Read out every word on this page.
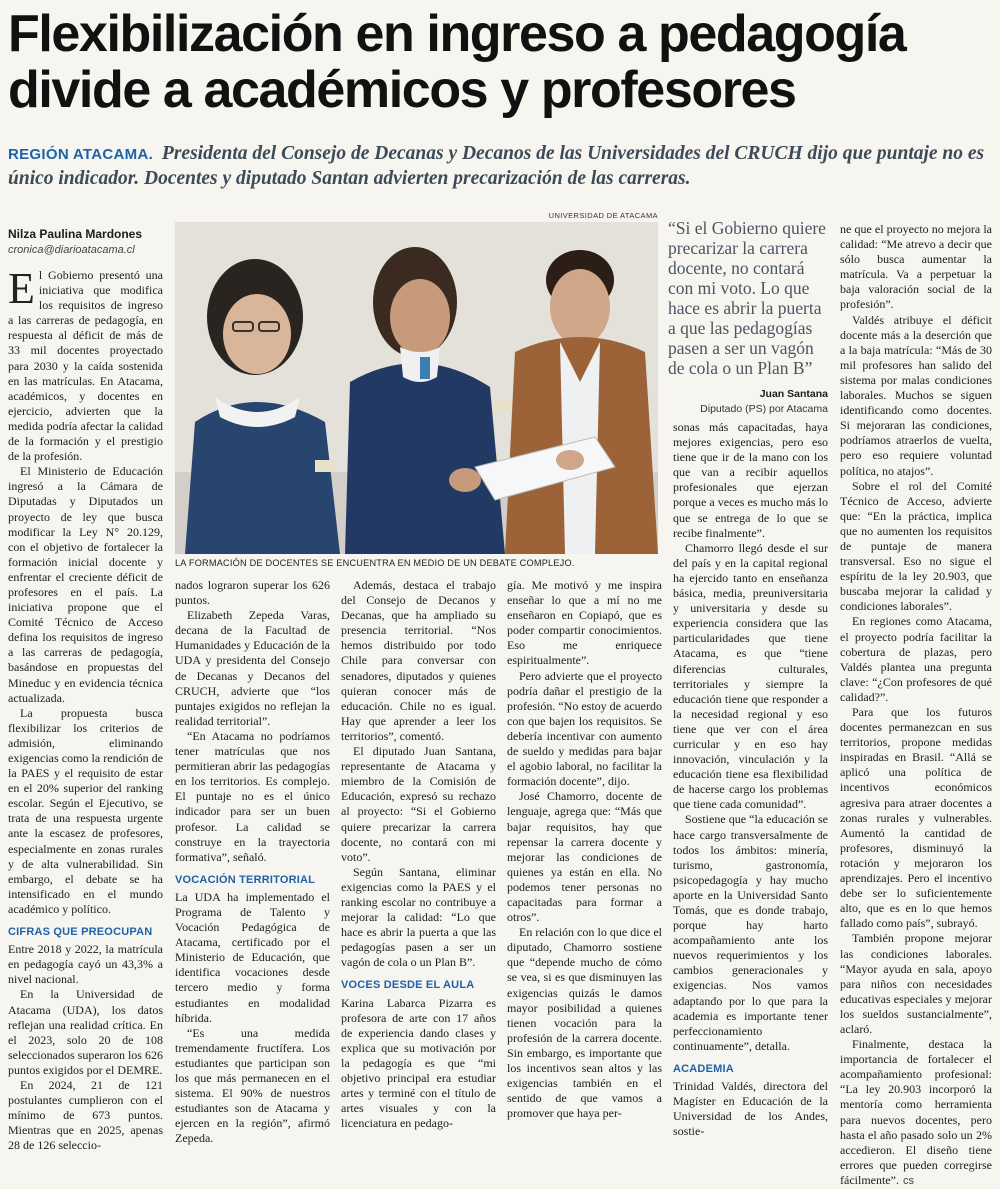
Flexibilización en ingreso a pedagogía divide a académicos y profesores

REGIÓN ATACAMA. Presidenta del Consejo de Decanas y Decanos de las Universidades del CRUCH dijo que puntaje no es único indicador. Docentes y diputado Santan advierten precarización de las carreras.

Nilza Paulina Mardones
cronica@diarioatacama.cl
UNIVERSIDAD DE ATACAMA
LA FORMACIÓN DE DOCENTES SE ENCUENTRA EN MEDIO DE UN DEBATE COMPLEJO.

“Si el Gobierno quiere precarizar la carrera docente, no contará con mi voto. Lo que hace es abrir la puerta a que las pedagogías pasen a ser un vagón de cola o un Plan B”

Juan Santana
Diputado (PS) por Atacama

El Gobierno presentó una iniciativa que modifica los requisitos de ingreso a las carreras de pedagogía, en respuesta al déficit de más de 33 mil docentes proyectado para 2030 y la caída sostenida en las matrículas. En Atacama, académicos, y docentes en ejercicio, advierten que la medida podría afectar la calidad de la formación y el prestigio de la profesión.

El Ministerio de Educación ingresó a la Cámara de Diputadas y Diputados un proyecto de ley que busca modificar la Ley N° 20.129, con el objetivo de fortalecer la formación inicial docente y enfrentar el creciente déficit de profesores en el país. La iniciativa propone que el Comité Técnico de Acceso defina los requisitos de ingreso a las carreras de pedagogía, basándose en propuestas del Mineduc y en evidencia técnica actualizada.

La propuesta busca flexibilizar los criterios de admisión, eliminando exigencias como la rendición de la PAES y el requisito de estar en el 20% superior del ranking escolar. Según el Ejecutivo, se trata de una respuesta urgente ante la escasez de profesores, especialmente en zonas rurales y de alta vulnerabilidad. Sin embargo, el debate se ha intensificado en el mundo académico y político.

CIFRAS QUE PREOCUPAN

Entre 2018 y 2022, la matrícula en pedagogía cayó un 43,3% a nivel nacional.

En la Universidad de Atacama (UDA), los datos reflejan una realidad crítica. En el 2023, solo 20 de 108 seleccionados superaron los 626 puntos exigidos por el DEMRE.

En 2024, 21 de 121 postulantes cumplieron con el mínimo de 673 puntos. Mientras que en 2025, apenas 28 de 126 seleccio-

nados lograron superar los 626 puntos.

Elizabeth Zepeda Varas, decana de la Facultad de Humanidades y Educación de la UDA y presidenta del Consejo de Decanas y Decanos del CRUCH, advierte que “los puntajes exigidos no reflejan la realidad territorial”.

“En Atacama no podríamos tener matrículas que nos permitieran abrir las pedagogías en los territorios. Es complejo. El puntaje no es el único indicador para ser un buen profesor. La calidad se construye en la trayectoria formativa”, señaló.

VOCACIÓN TERRITORIAL

La UDA ha implementado el Programa de Talento y Vocación Pedagógica de Atacama, certificado por el Ministerio de Educación, que identifica vocaciones desde tercero medio y forma estudiantes en modalidad híbrida.

“Es una medida tremendamente fructífera. Los estudiantes que participan son los que más permanecen en el sistema. El 90% de nuestros estudiantes son de Atacama y ejercen en la región”, afirmó Zepeda.

Además, destaca el trabajo del Consejo de Decanos y Decanas, que ha ampliado su presencia territorial. “Nos hemos distribuido por todo Chile para conversar con senadores, diputados y quienes quieran conocer más de educación. Chile no es igual. Hay que aprender a leer los territorios”, comentó.

El diputado Juan Santana, representante de Atacama y miembro de la Comisión de Educación, expresó su rechazo al proyecto: “Si el Gobierno quiere precarizar la carrera docente, no contará con mi voto”.

Según Santana, eliminar exigencias como la PAES y el ranking escolar no contribuye a mejorar la calidad: “Lo que hace es abrir la puerta a que las pedagogías pasen a ser un vagón de cola o un Plan B”.

VOCES DESDE EL AULA

Karina Labarca Pizarra es profesora de arte con 17 años de experiencia dando clases y explica que su motivación por la pedagogía es que “mi objetivo principal era estudiar artes y terminé con el título de artes visuales y con la licenciatura en pedago-

gía. Me motivó y me inspira enseñar lo que a mí no me enseñaron en Copiapó, que es poder compartir conocimientos. Eso me enriquece espiritualmente”.

Pero advierte que el proyecto podría dañar el prestigio de la profesión. “No estoy de acuerdo con que bajen los requisitos. Se debería incentivar con aumento de sueldo y medidas para bajar el agobio laboral, no facilitar la formación docente”, dijo.

José Chamorro, docente de lenguaje, agrega que: “Más que bajar requisitos, hay que repensar la carrera docente y mejorar las condiciones de quienes ya están en ella. No podemos tener personas no capacitadas para formar a otros”.

En relación con lo que dice el diputado, Chamorro sostiene que “depende mucho de cómo se vea, si es que disminuyen las exigencias quizás le damos mayor posibilidad a quienes tienen vocación para la profesión de la carrera docente. Sin embargo, es importante que los incentivos sean altos y las exigencias también en el sentido de que vamos a promover que haya per-

sonas más capacitadas, haya mejores exigencias, pero eso tiene que ir de la mano con los que van a recibir aquellos profesionales que ejerzan porque a veces es mucho más lo que se entrega de lo que se recibe finalmente”.

Chamorro llegó desde el sur del país y en la capital regional ha ejercido tanto en enseñanza básica, media, preuniversitaria y universitaria y desde su experiencia considera que las particularidades que tiene Atacama, es que “tiene diferencias culturales, territoriales y siempre la educación tiene que responder a la necesidad regional y eso tiene que ver con el área curricular y en eso hay innovación, vinculación y la educación tiene esa flexibilidad de hacerse cargo los problemas que tiene cada comunidad”.

Sostiene que “la educación se hace cargo transversalmente de todos los ámbitos: minería, turismo, gastronomía, psicopedagogía y hay mucho aporte en la Universidad Santo Tomás, que es donde trabajo, porque hay harto acompañamiento ante los nuevos requerimientos y los cambios generacionales y exigencias. Nos vamos adaptando por lo que para la academia es importante tener perfeccionamiento continuamente”, detalla.

ACADEMIA

Trinidad Valdés, directora del Magíster en Educación de la Universidad de los Andes, sostie-

ne que el proyecto no mejora la calidad: “Me atrevo a decir que sólo busca aumentar la matrícula. Va a perpetuar la baja valoración social de la profesión”.

Valdés atribuye el déficit docente más a la deserción que a la baja matrícula: “Más de 30 mil profesores han salido del sistema por malas condiciones laborales. Muchos se siguen identificando como docentes. Si mejoraran las condiciones, podríamos atraerlos de vuelta, pero eso requiere voluntad política, no atajos”.

Sobre el rol del Comité Técnico de Acceso, advierte que: “En la práctica, implica que no aumenten los requisitos de puntaje de manera transversal. Eso no sigue el espíritu de la ley 20.903, que buscaba mejorar la calidad y condiciones laborales”.

En regiones como Atacama, el proyecto podría facilitar la cobertura de plazas, pero Valdés plantea una pregunta clave: “¿Con profesores de qué calidad?”.

Para que los futuros docentes permanezcan en sus territorios, propone medidas inspiradas en Brasil. “Allá se aplicó una política de incentivos económicos agresiva para atraer docentes a zonas rurales y vulnerables. Aumentó la cantidad de profesores, disminuyó la rotación y mejoraron los aprendizajes. Pero el incentivo debe ser lo suficientemente alto, que es en lo que hemos fallado como país”, subrayó.

También propone mejorar las condiciones laborales. “Mayor ayuda en sala, apoyo para niños con necesidades educativas especiales y mejorar los sueldos sustancialmente”, aclaró.

Finalmente, destaca la importancia de fortalecer el acompañamiento profesional: “La ley 20.903 incorporó la mentoría como herramienta para nuevos docentes, pero hasta el año pasado solo un 2% accedieron. El diseño tiene errores que pueden corregirse fácilmente”. cs
